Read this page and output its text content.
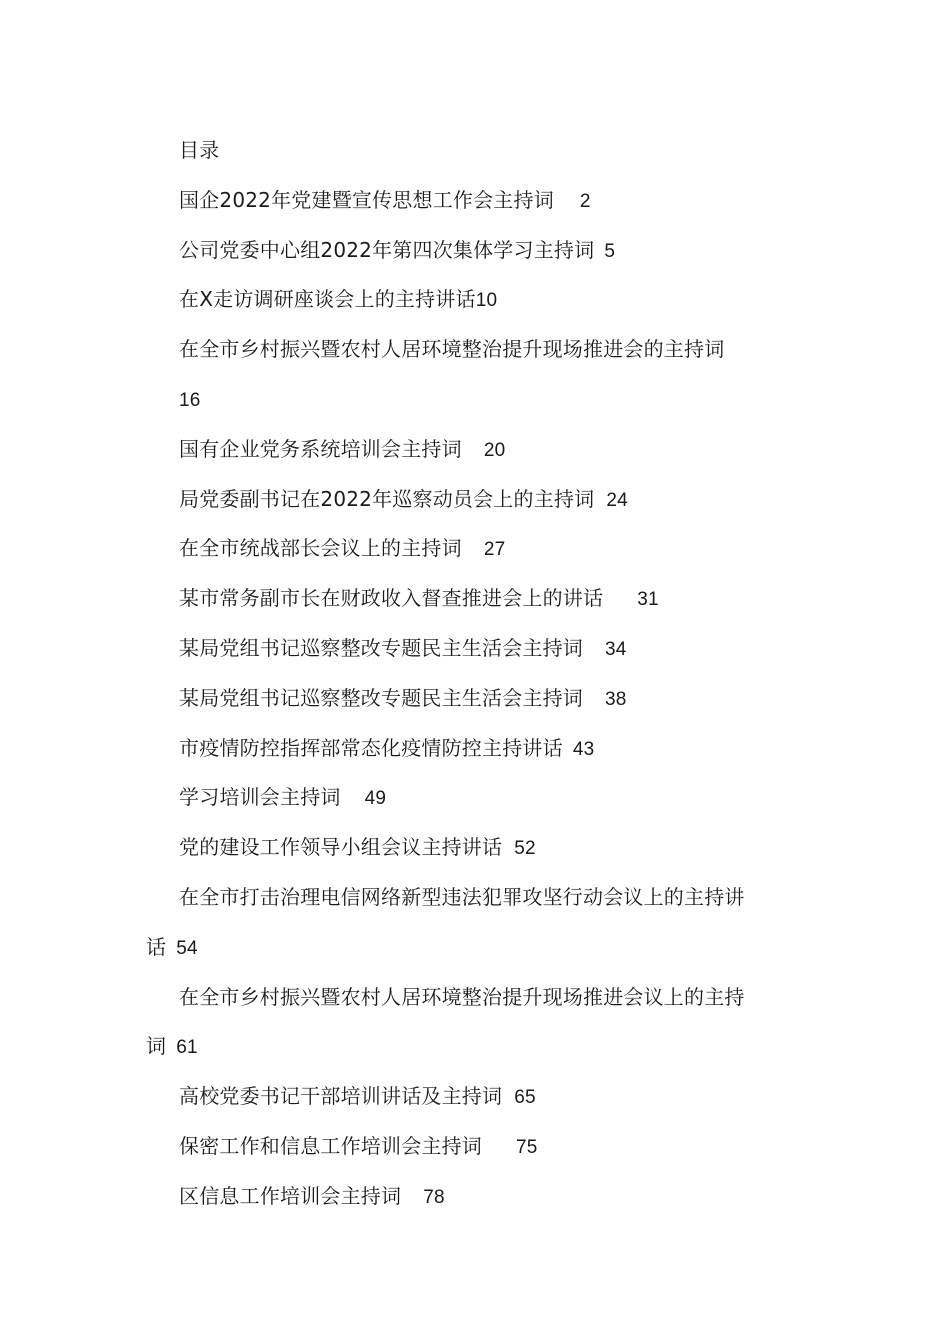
目录
国企2022年党建暨宣传思想工作会主持词 2
公司党委中心组2022年第四次集体学习主持词 5
在X走访调研座谈会上的主持讲话10
在全市乡村振兴暨农村人居环境整治提升现场推进会的主持词
16
国有企业党务系统培训会主持词 20
局党委副书记在2022年巡察动员会上的主持词 24
在全市统战部长会议上的主持词 27
某市常务副市长在财政收入督查推进会上的讲话 31
某局党组书记巡察整改专题民主生活会主持词 34
某局党组书记巡察整改专题民主生活会主持词 38
市疫情防控指挥部常态化疫情防控主持讲话 43
学习培训会主持词 49
党的建设工作领导小组会议主持讲话 52
在全市打击治理电信网络新型违法犯罪攻坚行动会议上的主持讲
话 54
在全市乡村振兴暨农村人居环境整治提升现场推进会议上的主持
词 61
高校党委书记干部培训讲话及主持词 65
保密工作和信息工作培训会主持词 75
区信息工作培训会主持词 78
